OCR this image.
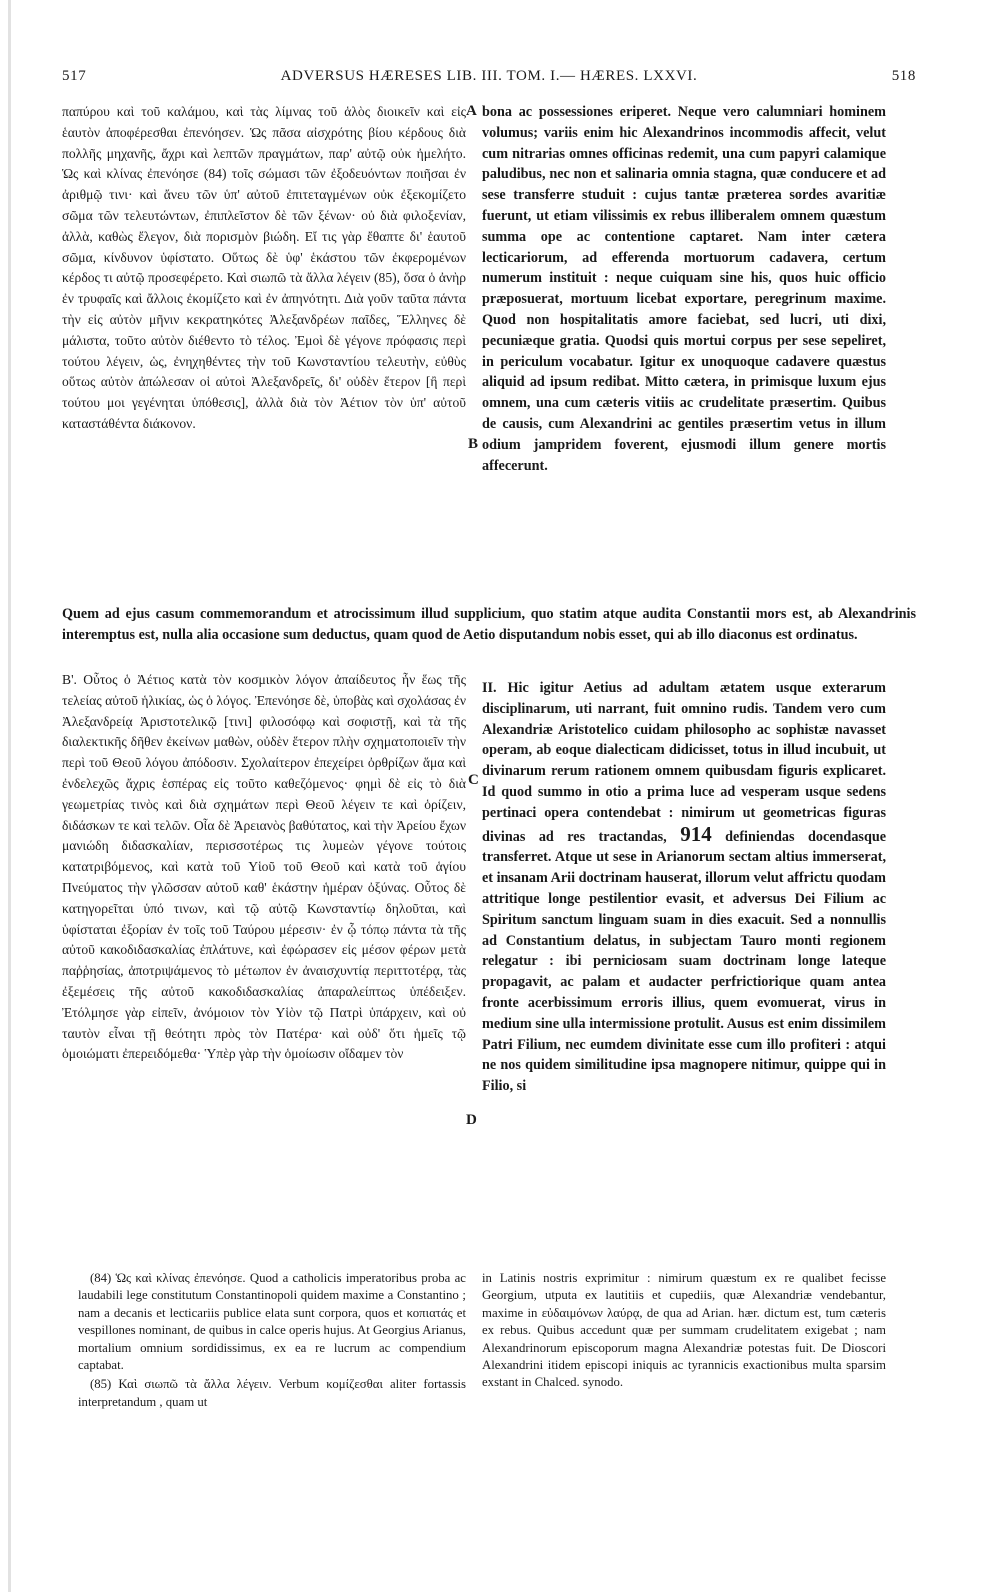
517	ADVERSUS HÆRESES LIB. III. TOM. I.— HÆRES. LXXVI.	518
παπύρου καὶ τοῦ καλάμου, καὶ τὰς λίμνας τοῦ ἁλὸς διοικεῖν καὶ εἰς ἑαυτὸν ἀποφέρεσθαι ἐπενόησεν. Ὡς πᾶσα αἰσχρότης βίου κέρδους διὰ πολλῆς μηχανῆς, ἄχρι καὶ λεπτῶν πραγμάτων, παρ' αὐτῷ οὐκ ἠμελήτο. Ὡς καὶ κλίνας ἐπενόησε (84) τοῖς σώμασι τῶν ἐξοδευόντων ποιῆσαι ἐν ἀριθμῷ τινι· καὶ ἄνευ τῶν ὑπ' αὐτοῦ ἐπιτεταγμένων οὐκ ἐξεκομίζετο σῶμα τῶν τελευτώντων, ἐπιπλεῖστον δὲ τῶν ξένων· οὐ διὰ φιλοξενίαν, ἀλλὰ, καθὼς ἔλεγον, διὰ πορισμὸν βιώδη. Εἴ τις γὰρ ἔθαπτε δι' ἑαυτοῦ σῶμα, κίνδυνον ὑφίστατο. Οὕτως δὲ ὑφ' ἑκάστου τῶν ἐκφερομένων κέρδος τι αὐτῷ προσεφέρετο. Καὶ σιωπῶ τὰ ἄλλα λέγειν (85), ὅσα ὁ ἀνὴρ ἐν τρυφαῖς καὶ ἄλλοις ἐκομίζετο καὶ ἐν ἀπηνότητι. Διὰ γοῦν ταῦτα πάντα τὴν εἰς αὐτὸν μῆνιν κεκρατηκότες Ἀλεξανδρέων παῖδες, Ἕλληνες δὲ μάλιστα, τοῦτο αὐτὸν διέθεντο τὸ τέλος. Ἐμοὶ δὲ γέγονε πρόφασις περὶ τούτου λέγειν, ὡς, ἐνηχηθέντες τὴν τοῦ Κωνσταντίου τελευτὴν, εὐθὺς οὕτως αὐτὸν ἀπώλεσαν οἱ αὐτοὶ Ἀλεξανδρεῖς, δι' οὐδὲν ἕτερον [ἢ περὶ τούτου μοι γεγένηται ὑπόθεσις], ἀλλὰ διὰ τὸν Ἀέτιον τὸν ὑπ' αὐτοῦ καταστάθέντα διάκονον.
bona ac possessiones eriperet. Neque vero calumniari hominem volumus; variis enim hic Alexandrinos incommodis affecit, velut cum nitrarias omnes officinas redemit, una cum papyri calamique paludibus, nec non et salinaria omnia stagna, quæ conducere et ad sese transferre studuit : cujus tantæ præterea sordes avaritiæ fuerunt, ut etiam vilissimis ex rebus illiberalem omnem quæstum summa ope ac contentione captaret. Nam inter cætera lecticariorum, ad efferenda mortuorum cadavera, certum numerum instituit : neque cuiquam sine his, quos huic officio præposuerat, mortuum licebat exportare, peregrinum maxime. Quod non hospitalitatis amore faciebat, sed lucri, uti dixi, pecuniæque gratia. Quodsi quis mortui corpus per sese sepeliret, in periculum vocabatur. Igitur ex unoquoque cadavere quæstus aliquid ad ipsum redibat. Mitto cætera, in primisque luxum ejus omnem, una cum cæteris vitiis ac crudelitate præsertim. Quibus de causis, cum Alexandrini ac gentiles præsertim vetus in illum odium jampridem foverent, ejusmodi illum genere mortis affecerunt.
A
B
Quem ad ejus casum commemorandum et atrocissimum illud supplicium, quo statim atque audita Constantii mors est, ab Alexandrinis interemptus est, nulla alia occasione sum deductus, quam quod de Aetio disputandum nobis esset, qui ab illo diaconus est ordinatus.
Β'. Οὗτος ὁ Ἀέτιος κατὰ τὸν κοσμικὸν λόγον ἀπαίδευτος ἦν ἕως τῆς τελείας αὐτοῦ ἡλικίας, ὡς ὁ λόγος. Ἐπενόησε δὲ, ὑποβὰς καὶ σχολάσας ἐν Ἀλεξανδρείᾳ Ἀριστοτελικῷ [τινι] φιλοσόφῳ καὶ σοφιστῇ, καὶ τὰ τῆς διαλεκτικῆς δῆθεν ἐκείνων μαθὼν, οὐδὲν ἕτερον πλὴν σχηματοποιεῖν τὴν περὶ τοῦ Θεοῦ λόγου ἀπόδοσιν. Σχολαίτερον ἐπεχείρει ὀρθρίζων ἅμα καὶ ἐνδελεχῶς ἄχρις ἑσπέρας εἰς τοῦτο καθεζόμενος· φημὶ δὲ εἰς τὸ διὰ γεωμετρίας τινὸς καὶ διὰ σχημάτων περὶ Θεοῦ λέγειν τε καὶ ὁρίζειν, διδάσκων τε καὶ τελῶν. Οἷα δὲ Ἀρειανὸς βαθύτατος, καὶ τὴν Ἀρείου ἔχων μανιώδη διδασκαλίαν, περισσοτέρως τις λυμεὼν γέγονε τούτοις κατατριβόμενος, καὶ κατὰ τοῦ Υἱοῦ τοῦ Θεοῦ καὶ κατὰ τοῦ ἁγίου Πνεύματος τὴν γλῶσσαν αὐτοῦ καθ' ἑκάστην ἡμέραν ὀξύνας. Οὗτος δὲ κατηγορεῖται ὑπό τινων, καὶ τῷ αὐτῷ Κωνσταντίῳ δηλοῦται, καὶ ὑφίσταται ἐξορίαν ἐν τοῖς τοῦ Ταύρου μέρεσιν· ἐν ᾧ τόπῳ πάντα τὰ τῆς αὐτοῦ κακοδιδασκαλίας ἐπλάτυνε, καὶ ἐφώρασεν εἰς μέσον φέρων μετὰ παῤῥησίας, ἀποτριψάμενος τὸ μέτωπον ἐν ἀναισχυντίᾳ περιττοτέρᾳ, τὰς ἐξεμέσεις τῆς αὐτοῦ κακοδιδασκαλίας ἀπαραλείπτως ὑπέδειξεν. Ἐτόλμησε γὰρ εἰπεῖν, ἀνόμοιον τὸν Υἱὸν τῷ Πατρὶ ὑπάρχειν, καὶ οὐ ταυτὸν εἶναι τῇ θεότητι πρὸς τὸν Πατέρα· καὶ οὐδ' ὅτι ἡμεῖς τῷ ὁμοιώματι ἐπερειδόμεθα· Ὑπὲρ γὰρ τὴν ὁμοίωσιν οἴδαμεν τὸν
II. Hic igitur Aetius ad adultam ætatem usque exterarum disciplinarum, uti narrant, fuit omnino rudis. Tandem vero cum Alexandriæ Aristotelico cuidam philosopho ac sophistæ navasset operam, ab eoque dialecticam didicisset, totus in illud incubuit, ut divinarum rerum rationem omnem quibusdam figuris explicaret. Id quod summo in otio a prima luce ad vesperam usque sedens pertinaci opera contendebat : nimirum ut geometricas figuras divinas ad res tractandas, 914 definiendas docendasque transferret. Atque ut sese in Arianorum sectam altius immerserat, et insanam Arii doctrinam hauserat, illorum velut affrictu quodam attritique longe pestilentior evasit, et adversus Dei Filium ac Spiritum sanctum linguam suam in dies exacuit. Sed a nonnullis ad Constantium delatus, in subjectam Tauro monti regionem relegatur : ibi perniciosam suam doctrinam longe lateque propagavit, ac palam et audacter perfrictiorique quam antea fronte acerbissimum erroris illius, quem evomuerat, virus in medium sine ulla intermissione protulit. Ausus est enim dissimilem Patri Filium, nec eumdem divinitate esse cum illo profiteri : atqui ne nos quidem similitudine ipsa magnopere nitimur, quippe qui in Filio, si
C
D

(84) Ὡς καὶ κλίνας ἐπενόησε. Quod a catholicis imperatoribus proba ac laudabili lege constitutum Constantinopoli quidem maxime a Constantino ; nam a decanis et lecticariis publice elata sunt corpora, quos et κοπιατάς et vespillones nominant, de quibus in calce operis hujus. At Georgius Arianus, mortalium omnium sordidissimus, ex ea re lucrum ac compendium captabat.

(85) Καὶ σιωπῶ τὰ ἄλλα λέγειν. Verbum κομίζεσθαι aliter fortassis interpretandum , quam ut

in Latinis nostris exprimitur : nimirum quæstum ex re qualibet fecisse Georgium, utputa ex lautitiis et cupediis, quæ Alexandriæ vendebantur, maxime in εὐδαιμόνων λαύρᾳ, de qua ad Arian. hær. dictum est, tum cæteris ex rebus. Quibus accedunt quæ per summam crudelitatem exigebat ; nam Alexandrinorum episcoporum magna Alexandriæ potestas fuit. De Dioscori Alexandrini itidem episcopi iniquis ac tyrannicis exactionibus multa sparsim exstant in Chalced. synodo.
